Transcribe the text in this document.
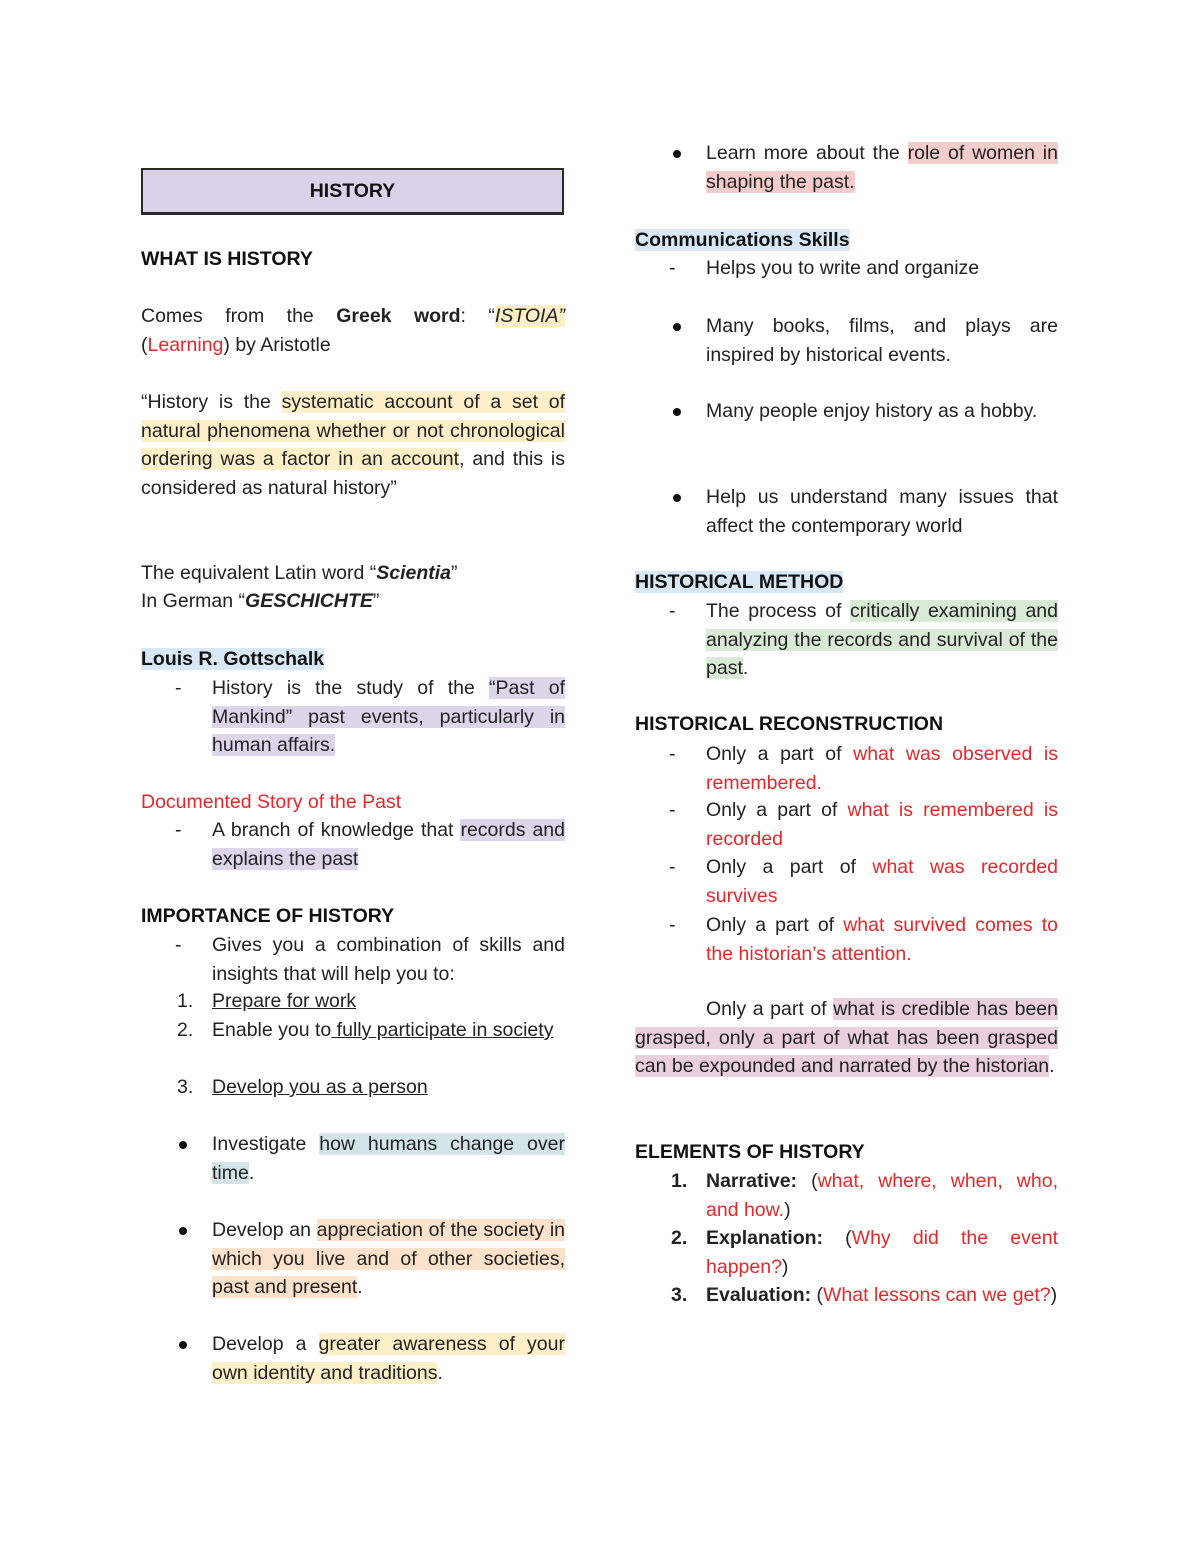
HISTORY

WHAT IS HISTORY

Comes from the Greek word: “ISTOIA” (Learning) by Aristotle

“History is the systematic account of a set of natural phenomena whether or not chronological ordering was a factor in an account, and this is considered as natural history”

The equivalent Latin word “Scientia”

In German “GESCHICHTE”

Louis R. Gottschalk

- History is the study of the “Past of Mankind” past events, particularly in human affairs.

Documented Story of the Past

- A branch of knowledge that records and explains the past

IMPORTANCE OF HISTORY

- Gives you a combination of skills and insights that will help you to:

1. Prepare for work

2. Enable you to fully participate in society

3. Develop you as a person

Investigate how humans change over time.

Develop an appreciation of the society in which you live and of other societies, past and present.

Develop a greater awareness of your own identity and traditions.

Learn more about the role of women in shaping the past.

Communications Skills

- Helps you to write and organize

Many books, films, and plays are inspired by historical events.

Many people enjoy history as a hobby.

Help us understand many issues that affect the contemporary world

HISTORICAL METHOD

- The process of critically examining and analyzing the records and survival of the past.

HISTORICAL RECONSTRUCTION

- Only a part of what was observed is remembered.

- Only a part of what is remembered is recorded

- Only a part of what was recorded survives

- Only a part of what survived comes to the historian’s attention.

Only a part of what is credible has been grasped, only a part of what has been grasped can be expounded and narrated by the historian.

ELEMENTS OF HISTORY

1. Narrative: (what, where, when, who, and how.)

2. Explanation: (Why did the event happen?)

3. Evaluation: (What lessons can we get?)
